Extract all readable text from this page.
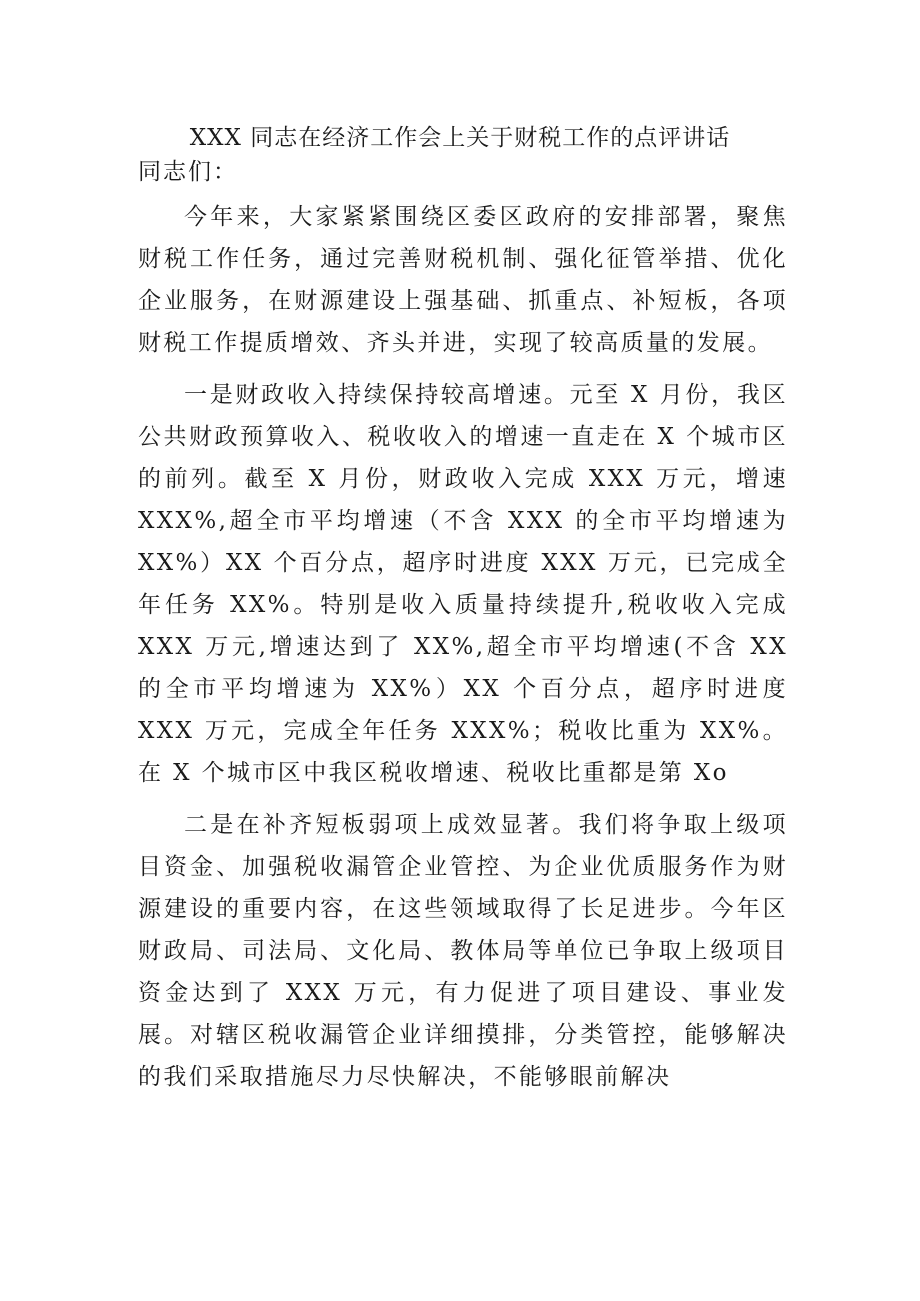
XXX 同志在经济工作会上关于财税工作的点评讲话

同志们：

今年来，大家紧紧围绕区委区政府的安排部署，聚焦财税工作任务，通过完善财税机制、强化征管举措、优化企业服务，在财源建设上强基础、抓重点、补短板，各项财税工作提质增效、齐头并进，实现了较高质量的发展。

一是财政收入持续保持较高增速。元至 X 月份，我区公共财政预算收入、税收收入的增速一直走在 X 个城市区的前列。截至 X 月份，财政收入完成 XXX 万元，增速 XXX%,超全市平均增速（不含 XXX 的全市平均增速为 XX%）XX 个百分点，超序时进度 XXX 万元，已完成全年任务 XX%。特别是收入质量持续提升,税收收入完成 XXX 万元,增速达到了 XX%,超全市平均增速(不含 XX 的全市平均增速为 XX%）XX 个百分点，超序时进度 XXX 万元，完成全年任务 XXX%；税收比重为 XX%。在 X 个城市区中我区税收增速、税收比重都是第 Xo

二是在补齐短板弱项上成效显著。我们将争取上级项目资金、加强税收漏管企业管控、为企业优质服务作为财源建设的重要内容，在这些领域取得了长足进步。今年区财政局、司法局、文化局、教体局等单位已争取上级项目资金达到了 XXX 万元，有力促进了项目建设、事业发展。对辖区税收漏管企业详细摸排，分类管控，能够解决的我们采取措施尽力尽快解决，不能够眼前解决
